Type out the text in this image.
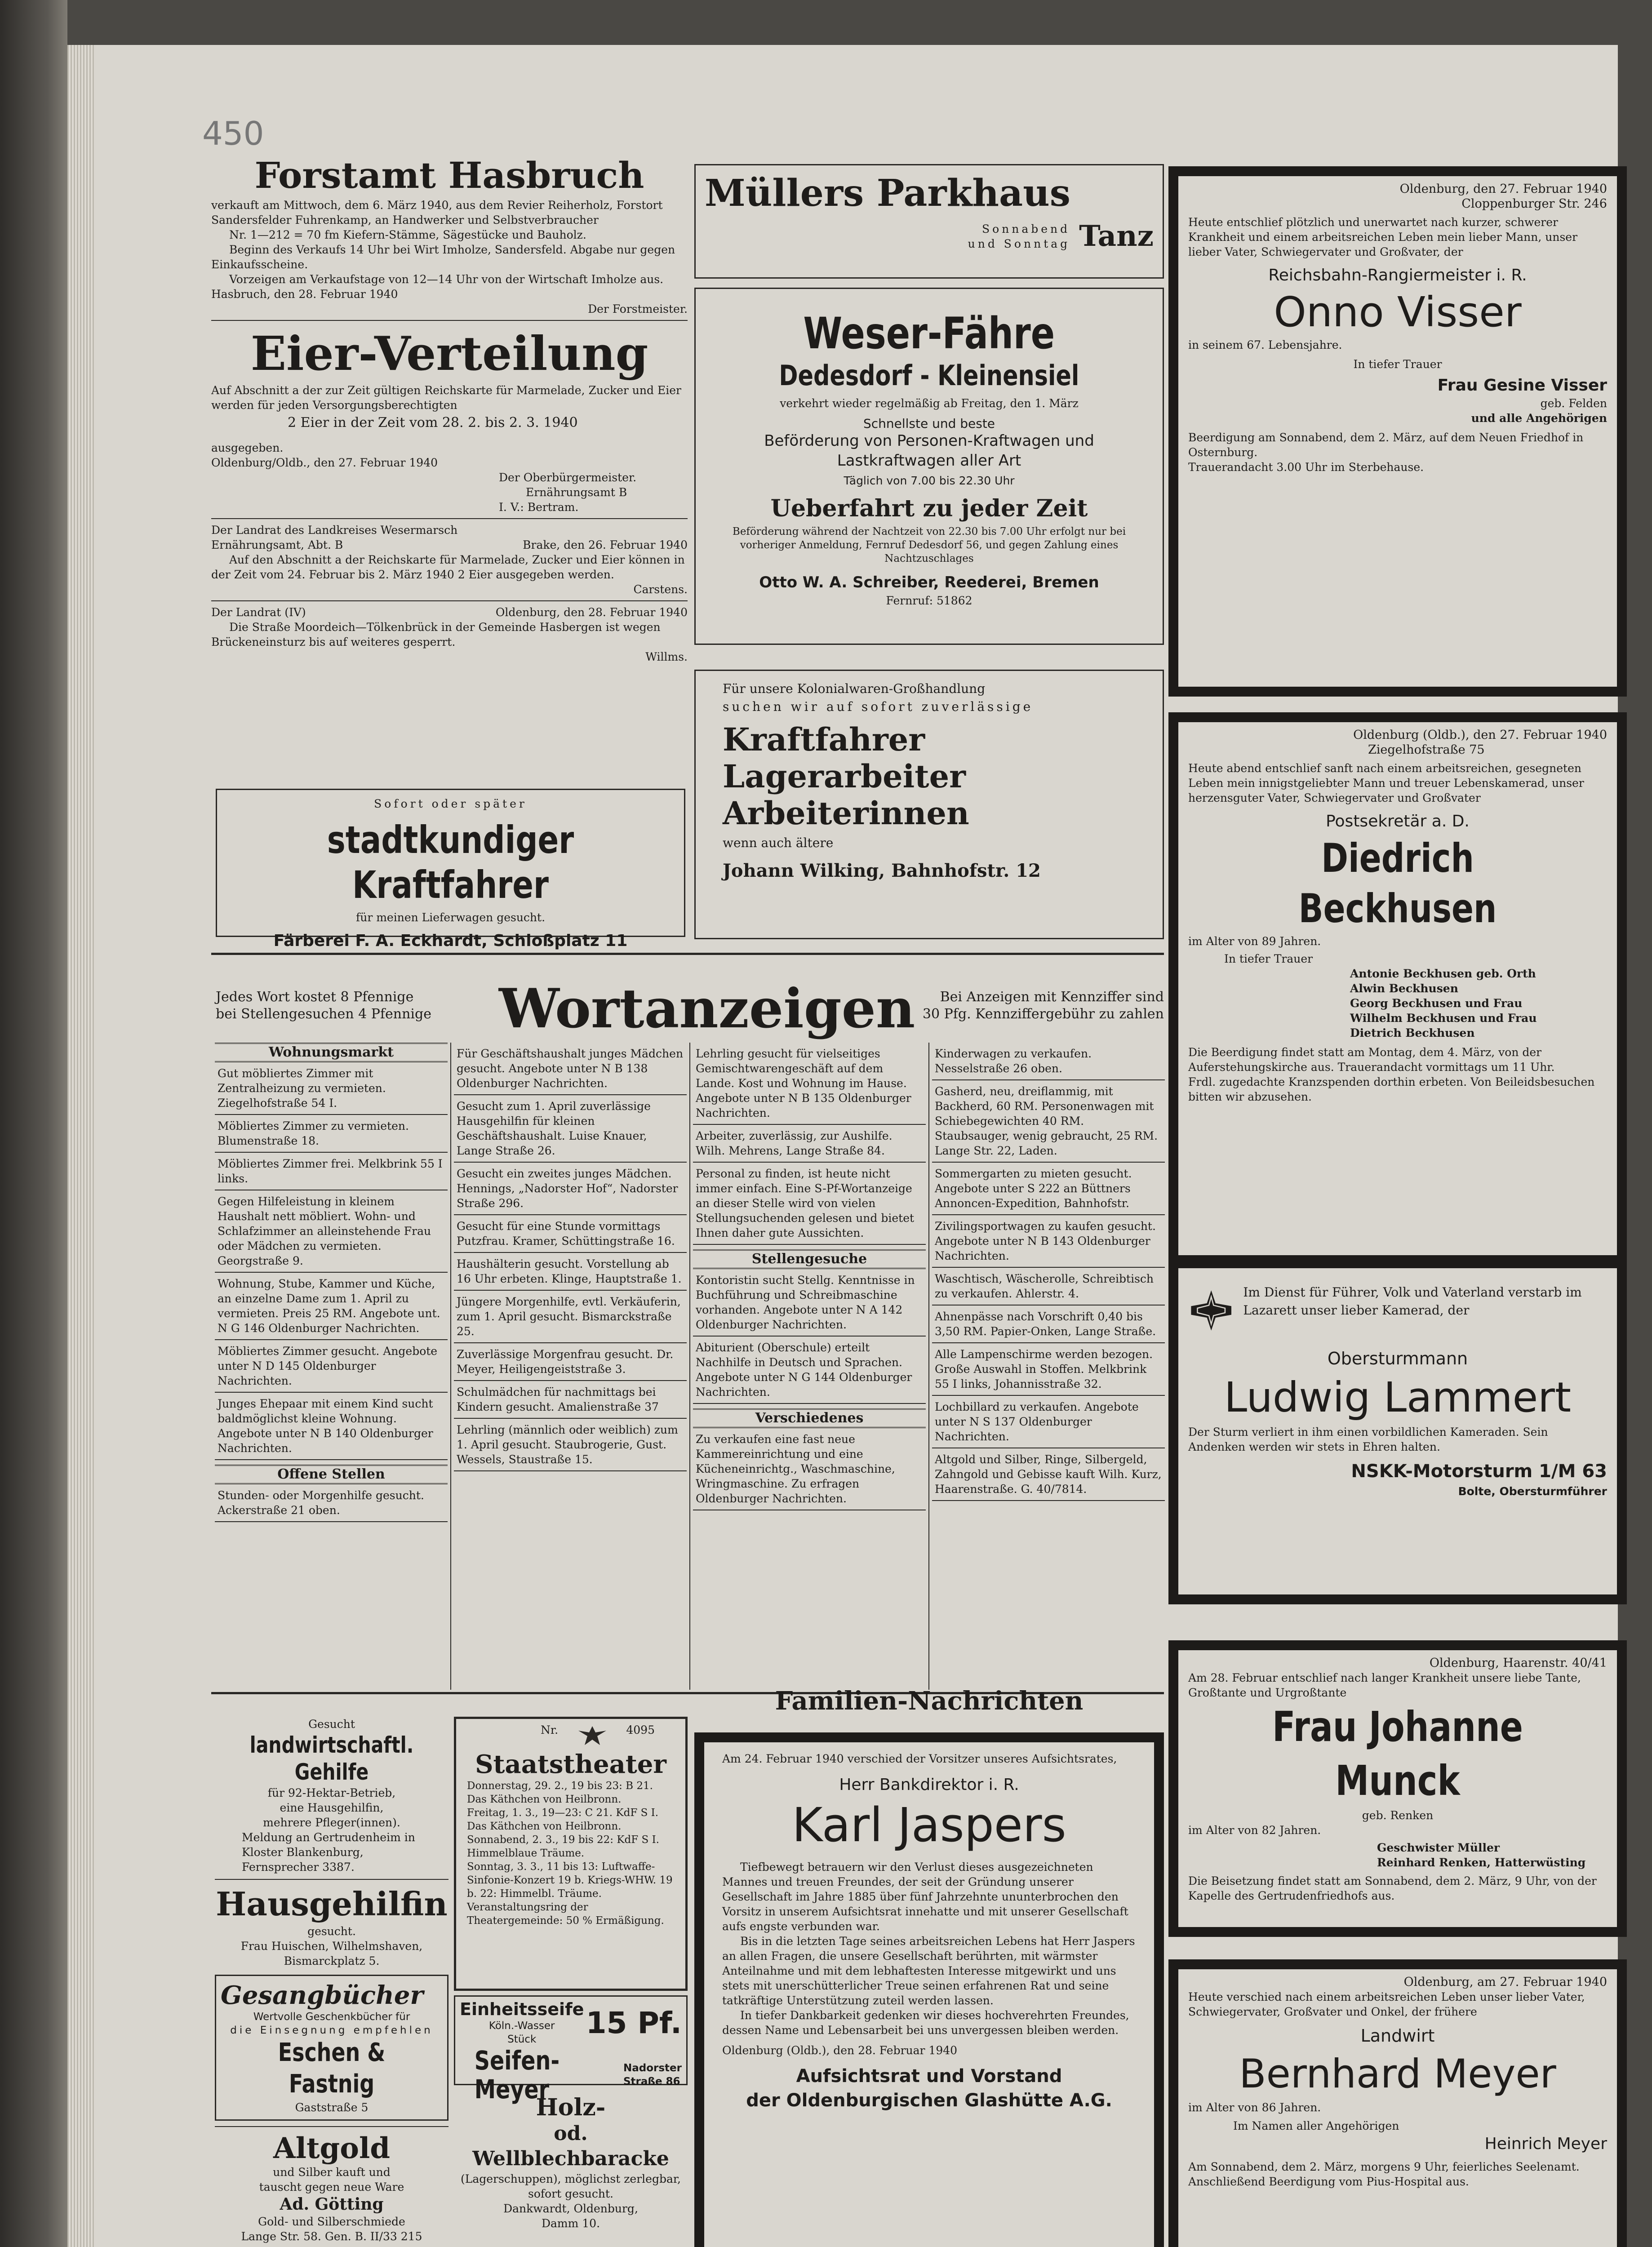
450
Forstamt Hasbruch
verkauft am Mittwoch, dem 6. März 1940, aus dem Revier Reiherholz, Forstort Sandersfelder Fuhrenkamp, an Handwerker und Selbstverbraucher
Nr. 1—212 = 70 fm Kiefern-Stämme, Sägestücke und Bauholz.
Beginn des Verkaufs 14 Uhr bei Wirt Imholze, Sandersfeld. Abgabe nur gegen Einkaufsscheine.
Vorzeigen am Verkaufstage von 12—14 Uhr von der Wirtschaft Imholze aus.
Hasbruch, den 28. Februar 1940
Der Forstmeister.
Eier-Verteilung
Auf Abschnitt a der zur Zeit gültigen Reichskarte für Marmelade, Zucker und Eier werden für jeden Versorgungsberechtigten
2 Eier in der Zeit vom 28. 2. bis 2. 3. 1940
ausgegeben.
Oldenburg/Oldb., den 27. Februar 1940
Der Oberbürgermeister.
Ernährungsamt B
I. V.: Bertram.
Der Landrat des Landkreises Wesermarsch
Ernährungsamt, Abt. B	Brake, den 26. Februar 1940
Auf den Abschnitt a der Reichskarte für Marmelade, Zucker und Eier können in der Zeit vom 24. Februar bis 2. März 1940 2 Eier ausgegeben werden.
Carstens.
Der Landrat (IV)	Oldenburg, den 28. Februar 1940
Die Straße Moordeich—Tölkenbrück in der Gemeinde Hasbergen ist wegen Brückeneinsturz bis auf weiteres gesperrt.
Willms.
Sofort oder später
stadtkundiger Kraftfahrer
für meinen Lieferwagen gesucht.
Färberei F. A. Eckhardt, Schloßplatz 11
Müllers Parkhaus
Sonnabend
und Sonntag Tanz
Weser-Fähre
Dedesdorf - Kleinensiel
verkehrt wieder regelmäßig ab Freitag, den 1. März
Schnellste und beste
Beförderung von Personen-Kraftwagen und Lastkraftwagen aller Art
Täglich von 7.00 bis 22.30 Uhr
Ueberfahrt zu jeder Zeit
Beförderung während der Nachtzeit von 22.30 bis 7.00 Uhr erfolgt nur bei vorheriger Anmeldung, Fernruf Dedesdorf 56, und gegen Zahlung eines Nachtzuschlages
Otto W. A. Schreiber, Reederei, Bremen
Fernruf: 51862
Für unsere Kolonialwaren-Großhandlung
suchen wir auf sofort zuverlässige
Kraftfahrer
Lagerarbeiter
Arbeiterinnen
wenn auch ältere
Johann Wilking, Bahnhofstr. 12
Jedes Wort kostet 8 Pfennige
bei Stellengesuchen 4 Pfennige Wortanzeigen Bei Anzeigen mit Kennziffer sind
30 Pfg. Kennziffergebühr zu zahlen
Wohnungsmarkt
Gut möbliertes Zimmer mit Zentralheizung zu vermieten. Ziegelhofstraße 54 I.
Möbliertes Zimmer zu vermieten. Blumenstraße 18.
Möbliertes Zimmer frei. Melkbrink 55 I links.
Gegen Hilfeleistung in kleinem Haushalt nett möbliert. Wohn- und Schlafzimmer an alleinstehende Frau oder Mädchen zu vermieten. Georgstraße 9.
Wohnung, Stube, Kammer und Küche, an einzelne Dame zum 1. April zu vermieten. Preis 25 RM. Angebote unt. N G 146 Oldenburger Nachrichten.
Möbliertes Zimmer gesucht. Angebote unter N D 145 Oldenburger Nachrichten.
Junges Ehepaar mit einem Kind sucht baldmöglichst kleine Wohnung. Angebote unter N B 140 Oldenburger Nachrichten.
Offene Stellen
Stunden- oder Morgenhilfe gesucht. Ackerstraße 21 oben.
Für Geschäftshaushalt junges Mädchen gesucht. Angebote unter N B 138 Oldenburger Nachrichten.
Gesucht zum 1. April zuverlässige Hausgehilfin für kleinen Geschäftshaushalt. Luise Knauer, Lange Straße 26.
Gesucht ein zweites junges Mädchen. Hennings, „Nadorster Hof“, Nadorster Straße 296.
Gesucht für eine Stunde vormittags Putzfrau. Kramer, Schüttingstraße 16.
Haushälterin gesucht. Vorstellung ab 16 Uhr erbeten. Klinge, Hauptstraße 1.
Jüngere Morgenhilfe, evtl. Verkäuferin, zum 1. April gesucht. Bismarckstraße 25.
Zuverlässige Morgenfrau gesucht. Dr. Meyer, Heiligengeiststraße 3.
Schulmädchen für nachmittags bei Kindern gesucht. Amalienstraße 37
Lehrling (männlich oder weiblich) zum 1. April gesucht. Staubrogerie, Gust. Wessels, Staustraße 15.
Lehrling gesucht für vielseitiges Gemischtwarengeschäft auf dem Lande. Kost und Wohnung im Hause. Angebote unter N B 135 Oldenburger Nachrichten.
Arbeiter, zuverlässig, zur Aushilfe. Wilh. Mehrens, Lange Straße 84.
Personal zu finden, ist heute nicht immer einfach. Eine S-Pf-Wortanzeige an dieser Stelle wird von vielen Stellungsuchenden gelesen und bietet Ihnen daher gute Aussichten.
Stellengesuche
Kontoristin sucht Stellg. Kenntnisse in Buchführung und Schreibmaschine vorhanden. Angebote unter N A 142 Oldenburger Nachrichten.
Abiturient (Oberschule) erteilt Nachhilfe in Deutsch und Sprachen. Angebote unter N G 144 Oldenburger Nachrichten.
Verschiedenes
Zu verkaufen eine fast neue Kammereinrichtung und eine Kücheneinrichtg., Waschmaschine, Wringmaschine. Zu erfragen Oldenburger Nachrichten.
Kinderwagen zu verkaufen. Nesselstraße 26 oben.
Gasherd, neu, dreiflammig, mit Backherd, 60 RM. Personenwagen mit Schiebegewichten 40 RM. Staubsauger, wenig gebraucht, 25 RM. Lange Str. 22, Laden.
Sommergarten zu mieten gesucht. Angebote unter S 222 an Büttners Annoncen-Expedition, Bahnhofstr.
Zivilingsportwagen zu kaufen gesucht. Angebote unter N B 143 Oldenburger Nachrichten.
Waschtisch, Wäscherolle, Schreibtisch zu verkaufen. Ahlerstr. 4.
Ahnenpässe nach Vorschrift 0,40 bis 3,50 RM. Papier-Onken, Lange Straße.
Alle Lampenschirme werden bezogen. Große Auswahl in Stoffen. Melkbrink 55 I links, Johannisstraße 32.
Lochbillard zu verkaufen. Angebote unter N S 137 Oldenburger Nachrichten.
Altgold und Silber, Ringe, Silbergeld, Zahngold und Gebisse kauft Wilh. Kurz, Haarenstraße. G. 40/7814.
Gesucht
landwirtschaftl. Gehilfe
für 92-Hektar-Betrieb,
eine Hausgehilfin,
mehrere Pfleger(innen).
Meldung an Gertrudenheim in Kloster Blankenburg, Fernsprecher 3387.
Hausgehilfin
gesucht.
Frau Huischen, Wilhelmshaven,
Bismarckplatz 5.
Gesangbücher
Wertvolle Geschenkbücher für
die Einsegnung empfehlen
Eschen & Fastnig
Gaststraße 5
Altgold
und Silber kauft und
tauscht gegen neue Ware
Ad. Götting
Gold- und Silberschmiede
Lange Str. 58. Gen. B. II/33 215
Nr.	4095
Staatstheater
Donnerstag, 29. 2., 19 bis 23: B 21. Das Käthchen von Heilbronn.
Freitag, 1. 3., 19—23: C 21. KdF S I. Das Käthchen von Heilbronn.
Sonnabend, 2. 3., 19 bis 22: KdF S I. Himmelblaue Träume.
Sonntag, 3. 3., 11 bis 13: Luftwaffe-Sinfonie-Konzert 19 b. Kriegs-WHW. 19 b. 22: Himmelbl. Träume.
Veranstaltungsring der Theatergemeinde: 50 % Ermäßigung.
Einheitsseife
Köln.-Wasser
Stück	15 Pf.
Seifen-Meyer
Nadorster
Straße 86
Holz-
od. Wellblechbaracke
(Lagerschuppen), möglichst zerlegbar, sofort gesucht.
Dankwardt, Oldenburg,
Damm 10.
Familien-Nachrichten
Am 24. Februar 1940 verschied der Vorsitzer unseres Aufsichtsrates,
Herr Bankdirektor i. R.
Karl Jaspers
Tiefbewegt betrauern wir den Verlust dieses ausgezeichneten Mannes und treuen Freundes, der seit der Gründung unserer Gesellschaft im Jahre 1885 über fünf Jahrzehnte ununterbrochen den Vorsitz in unserem Aufsichtsrat innehatte und mit unserer Gesellschaft aufs engste verbunden war.
Bis in die letzten Tage seines arbeitsreichen Lebens hat Herr Jaspers an allen Fragen, die unsere Gesellschaft berührten, mit wärmster Anteilnahme und mit dem lebhaftesten Interesse mitgewirkt und uns stets mit unerschütterlicher Treue seinen erfahrenen Rat und seine tatkräftige Unterstützung zuteil werden lassen.
In tiefer Dankbarkeit gedenken wir dieses hochverehrten Freundes, dessen Name und Lebensarbeit bei uns unvergessen bleiben werden.
Oldenburg (Oldb.), den 28. Februar 1940
Aufsichtsrat und Vorstand
der Oldenburgischen Glashütte A.G.
Oldenburg, den 27. Februar 1940
Cloppenburger Str. 246
Heute entschlief plötzlich und unerwartet nach kurzer, schwerer Krankheit und einem arbeitsreichen Leben mein lieber Mann, unser lieber Vater, Schwiegervater und Großvater, der
Reichsbahn-Rangiermeister i. R.
Onno Visser
in seinem 67. Lebensjahre.
In tiefer Trauer
Frau Gesine Visser
geb. Felden
und alle Angehörigen
Beerdigung am Sonnabend, dem 2. März, auf dem Neuen Friedhof in Osternburg.
Trauerandacht 3.00 Uhr im Sterbehause.
Oldenburg (Oldb.), den 27. Februar 1940
Ziegelhofstraße 75
Heute abend entschlief sanft nach einem arbeitsreichen, gesegneten Leben mein innigstgeliebter Mann und treuer Lebenskamerad, unser herzensguter Vater, Schwiegervater und Großvater
Postsekretär a. D.
Diedrich Beckhusen
im Alter von 89 Jahren.
In tiefer Trauer
Antonie Beckhusen geb. Orth
Alwin Beckhusen
Georg Beckhusen und Frau
Wilhelm Beckhusen und Frau
Dietrich Beckhusen
Die Beerdigung findet statt am Montag, dem 4. März, von der Auferstehungskirche aus. Trauerandacht vormittags um 11 Uhr.
Frdl. zugedachte Kranzspenden dorthin erbeten. Von Beileidsbesuchen bitten wir abzusehen.
Im Dienst für Führer, Volk und Vaterland verstarb im Lazarett unser lieber Kamerad, der
Obersturmmann
Ludwig Lammert
Der Sturm verliert in ihm einen vorbildlichen Kameraden. Sein Andenken werden wir stets in Ehren halten.
NSKK-Motorsturm 1/M 63
Bolte, Obersturmführer
Oldenburg, Haarenstr. 40/41
Am 28. Februar entschlief nach langer Krankheit unsere liebe Tante, Großtante und Urgroßtante
Frau Johanne Munck
geb. Renken
im Alter von 82 Jahren.
Geschwister Müller
Reinhard Renken, Hatterwüsting
Die Beisetzung findet statt am Sonnabend, dem 2. März, 9 Uhr, von der Kapelle des Gertrudenfriedhofs aus.
Oldenburg, am 27. Februar 1940
Heute verschied nach einem arbeitsreichen Leben unser lieber Vater, Schwiegervater, Großvater und Onkel, der frühere
Landwirt
Bernhard Meyer
im Alter von 86 Jahren.
Im Namen aller Angehörigen
Heinrich Meyer
Am Sonnabend, dem 2. März, morgens 9 Uhr, feierliches Seelenamt. Anschließend Beerdigung vom Pius-Hospital aus.
